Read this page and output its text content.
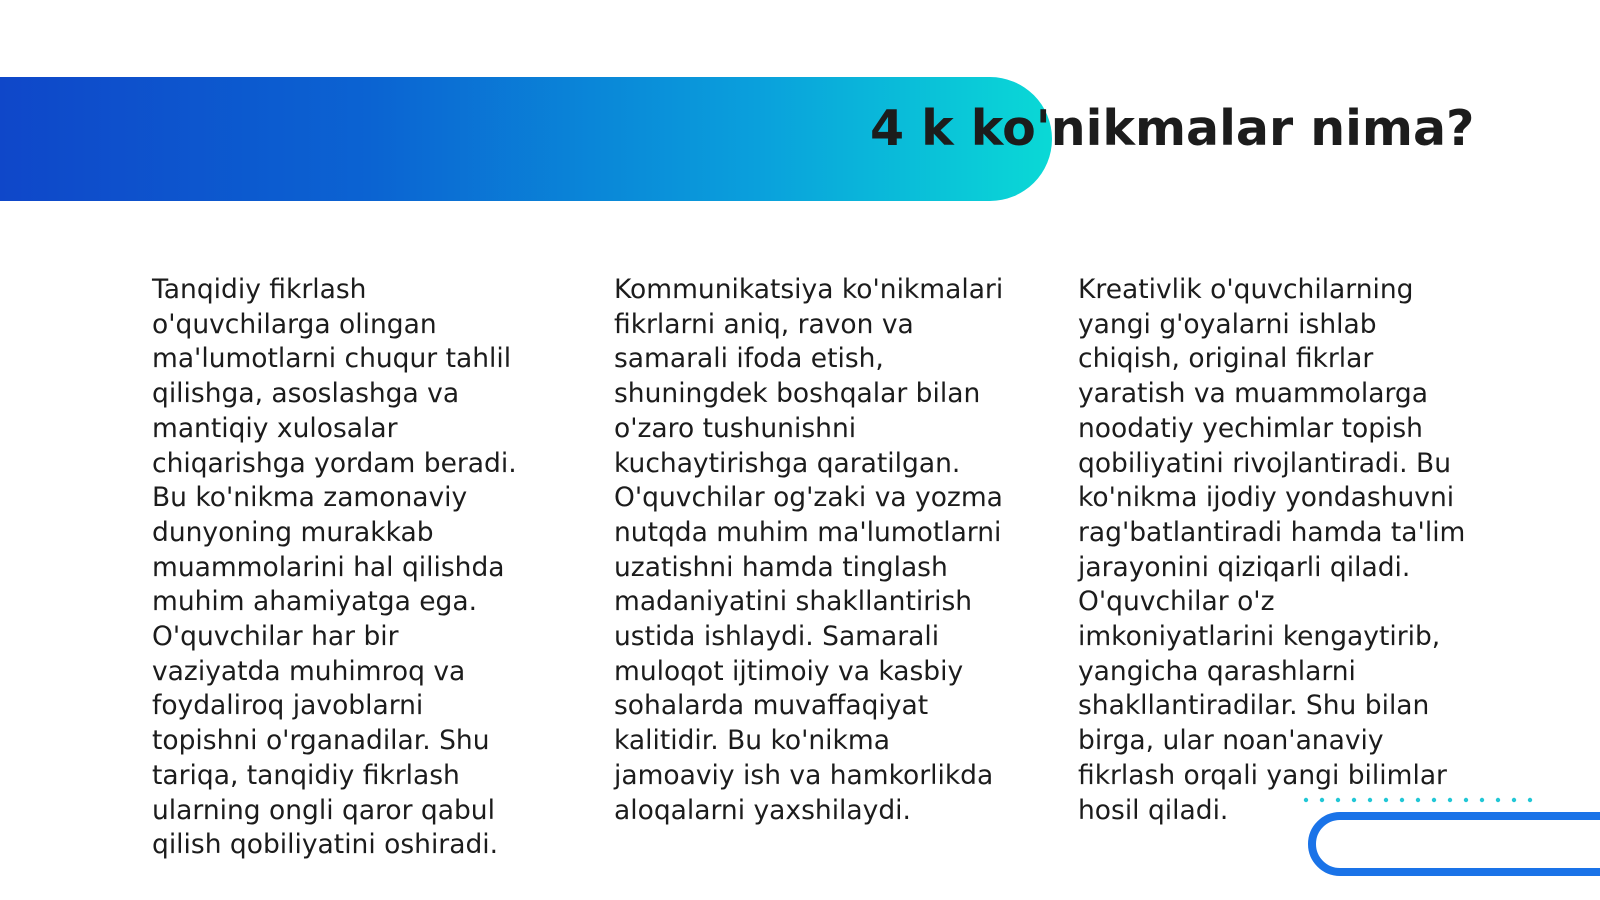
4 k ko'nikmalar nima?

Tanqidiy fikrlash o'quvchilarga olingan ma'lumotlarni chuqur tahlil qilishga, asoslashga va mantiqiy xulosalar chiqarishga yordam beradi. Bu ko'nikma zamonaviy dunyoning murakkab muammolarini hal qilishda muhim ahamiyatga ega. O'quvchilar har bir vaziyatda muhimroq va foydaliroq javoblarni topishni o'rganadilar. Shu tariqa, tanqidiy fikrlash ularning ongli qaror qabul qilish qobiliyatini oshiradi.

Kommunikatsiya ko'nikmalari fikrlarni aniq, ravon va samarali ifoda etish, shuningdek boshqalar bilan o'zaro tushunishni kuchaytirishga qaratilgan. O'quvchilar og'zaki va yozma nutqda muhim ma'lumotlarni uzatishni hamda tinglash madaniyatini shakllantirish ustida ishlaydi. Samarali muloqot ijtimoiy va kasbiy sohalarda muvaffaqiyat kalitidir. Bu ko'nikma jamoaviy ish va hamkorlikda aloqalarni yaxshilaydi.

Kreativlik o'quvchilarning yangi g'oyalarni ishlab chiqish, original fikrlar yaratish va muammolarga noodatiy yechimlar topish qobiliyatini rivojlantiradi. Bu ko'nikma ijodiy yondashuvni rag'batlantiradi hamda ta'lim jarayonini qiziqarli qiladi. O'quvchilar o'z imkoniyatlarini kengaytirib, yangicha qarashlarni shakllantiradilar. Shu bilan birga, ular noan'anaviy fikrlash orqali yangi bilimlar hosil qiladi.
